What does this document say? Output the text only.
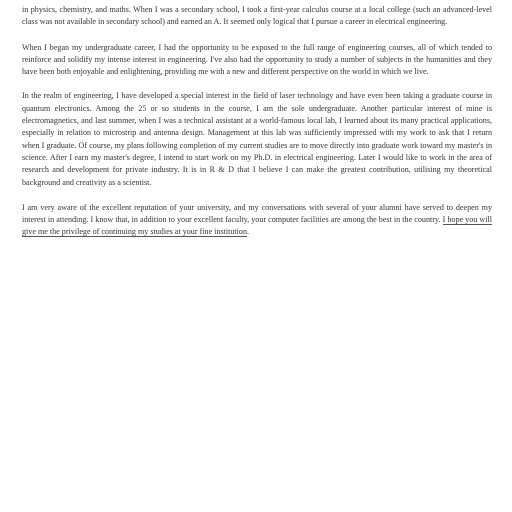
in physics, chemistry, and maths. When I was a secondary school, I took a first-year calculus course at a local college (such an advanced-level class was not available in secondary school) and earned an A. It seemed only logical that I pursue a career in electrical engineering.

When I began my undergraduate career, I had the opportunity to be exposed to the full range of engineering courses, all of which tended to reinforce and solidify my intense interest in engineering. I've also had the opportunity to study a number of subjects in the humanities and they have been both enjoyable and enlightening, providing me with a new and different perspective on the world in which we live.

In the realm of engineering, I have developed a special interest in the field of laser technology and have even been taking a graduate course in quantum electronics. Among the 25 or so students in the course, I am the sole undergraduate. Another particular interest of mine is electromagnetics, and last summer, when I was a technical assistant at a world-famous local lab, I learned about its many practical applications, especially in relation to microstrip and antenna design. Management at this lab was sufficiently impressed with my work to ask that I return when I graduate. Of course, my plans following completion of my current studies are to move directly into graduate work toward my master's in science. After I earn my master's degree, I intend to start work on my Ph.D. in electrical engineering. Later I would like to work in the area of research and development for private industry. It is in R & D that I believe I can make the greatest contribution, utilising my theoretical background and creativity as a scientist.

I am very aware of the excellent reputation of your university, and my conversations with several of your alumni have served to deepen my interest in attending. I know that, in addition to your excellent faculty, your computer facilities are among the best in the country. I hope you will give me the privilege of continuing my studies at your fine institution.
